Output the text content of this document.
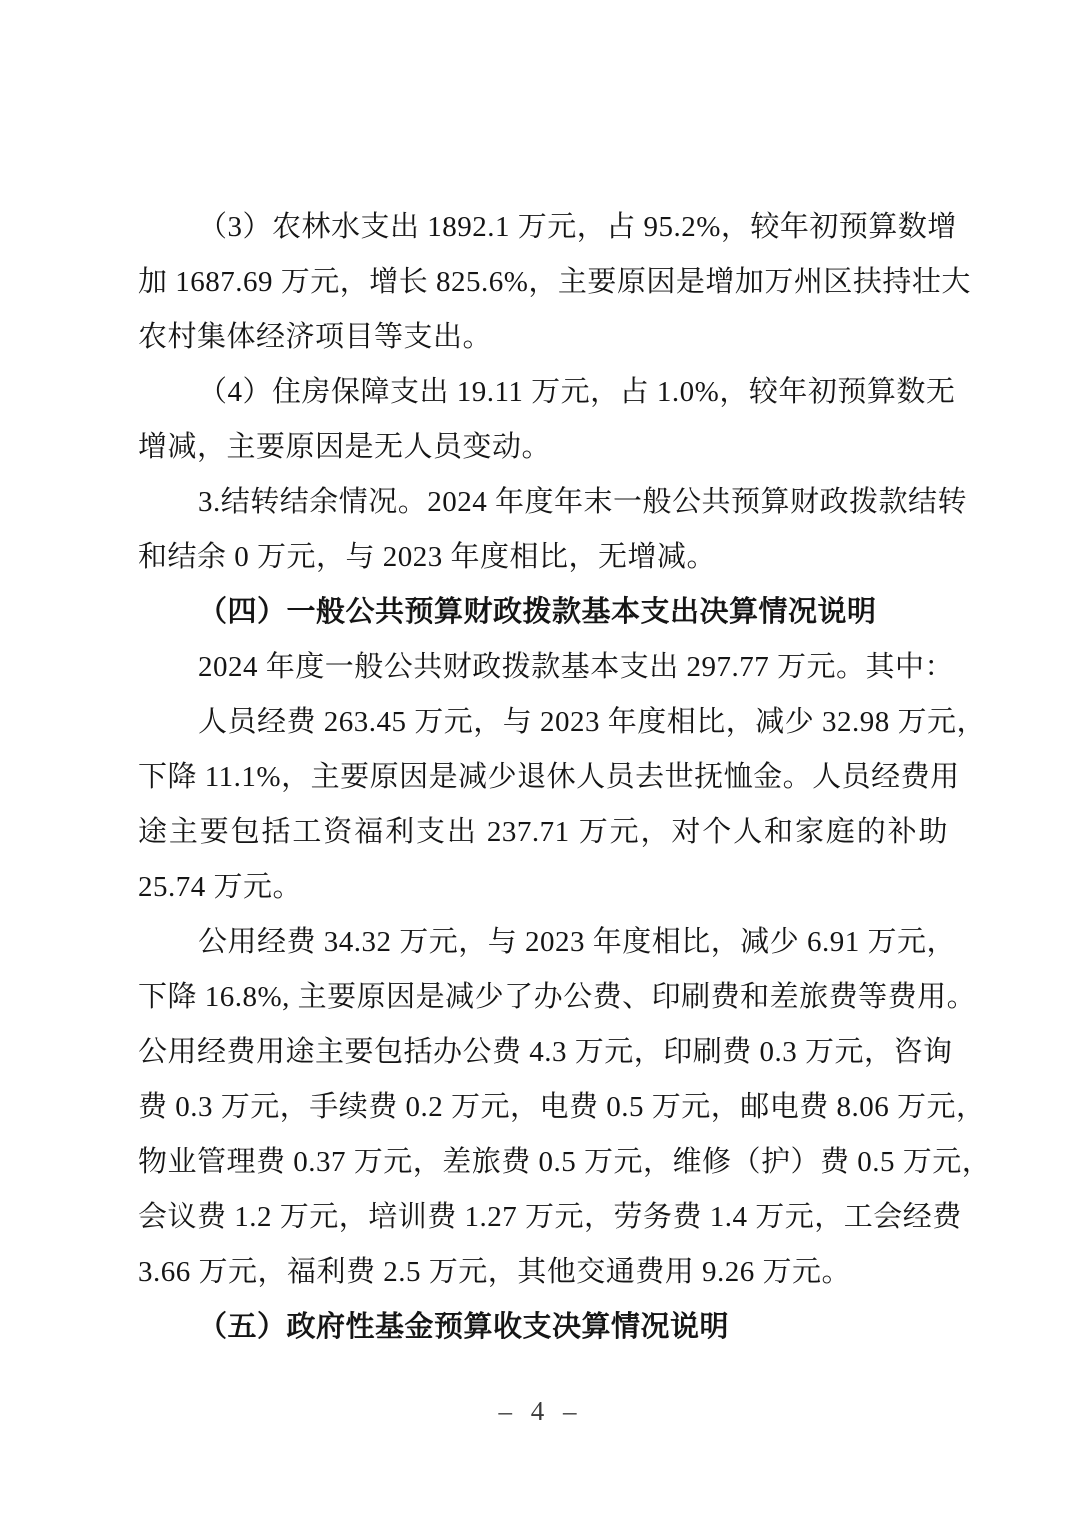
（3）农林水支出 1892.1 万元，占 95.2%，较年初预算数增
加 1687.69 万元，增长 825.6%，主要原因是增加万州区扶持壮大
农村集体经济项目等支出。
（4）住房保障支出 19.11 万元，占 1.0%，较年初预算数无
增减，主要原因是无人员变动。
3.结转结余情况。2024 年度年末一般公共预算财政拨款结转
和结余 0 万元，与 2023 年度相比，无增减。
（四）一般公共预算财政拨款基本支出决算情况说明
2024 年度一般公共财政拨款基本支出 297.77 万元。其中：
人员经费 263.45 万元，与 2023 年度相比，减少 32.98 万元，
下降 11.1%，主要原因是减少退休人员去世抚恤金。人员经费用
途主要包括工资福利支出 237.71 万元，对个人和家庭的补助
25.74 万元。
公用经费 34.32 万元，与 2023 年度相比，减少 6.91 万元，
下降 16.8%, 主要原因是减少了办公费、印刷费和差旅费等费用。
公用经费用途主要包括办公费 4.3 万元，印刷费 0.3 万元，咨询
费 0.3 万元，手续费 0.2 万元，电费 0.5 万元，邮电费 8.06 万元，
物业管理费 0.37 万元，差旅费 0.5 万元，维修（护）费 0.5 万元，
会议费 1.2 万元，培训费 1.27 万元，劳务费 1.4 万元，工会经费
3.66 万元，福利费 2.5 万元，其他交通费用 9.26 万元。
（五）政府性基金预算收支决算情况说明
– 4 –
